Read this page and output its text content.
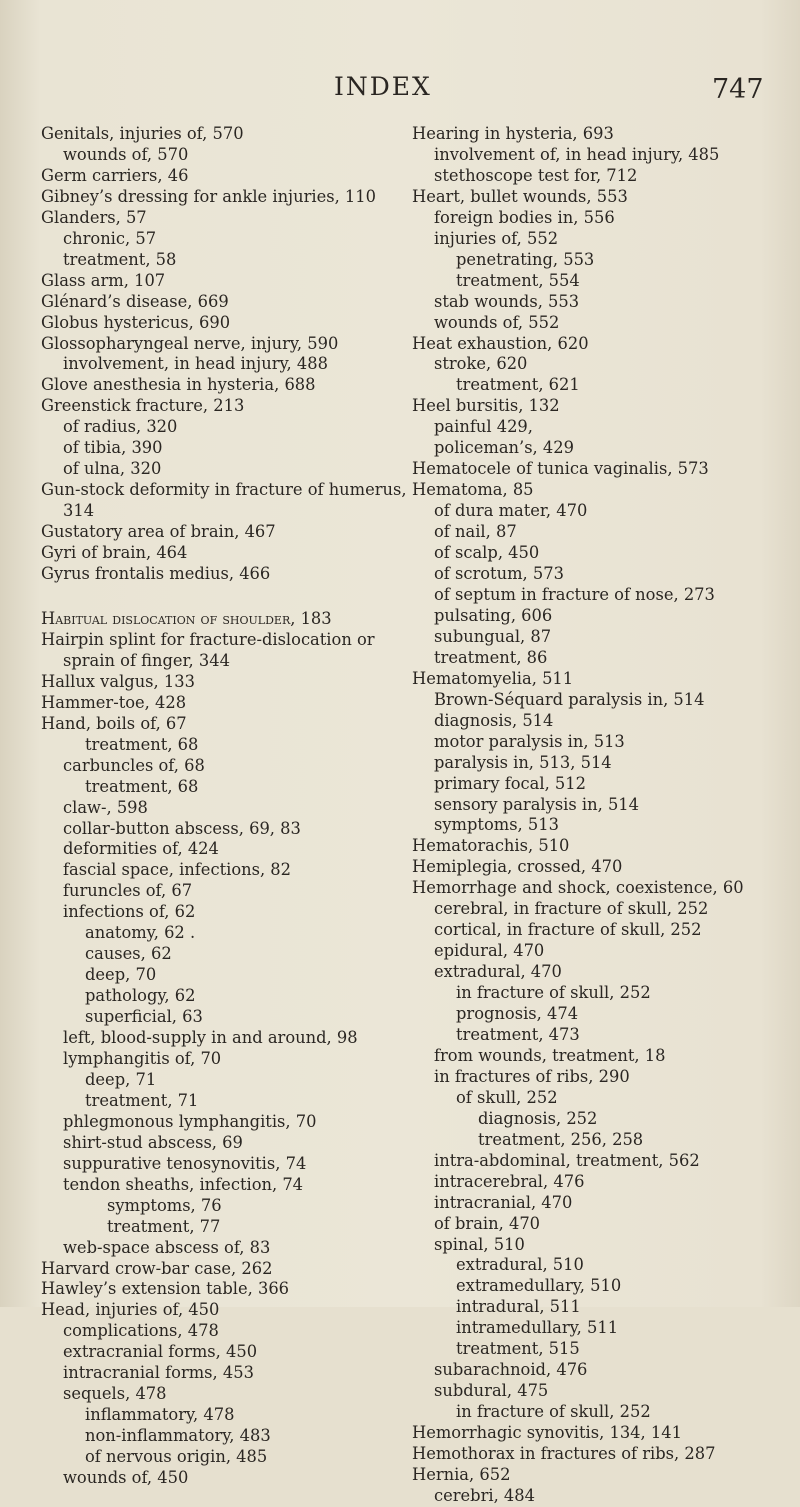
INDEX	747
Genitals, injuries of, 570
wounds of, 570
Germ carriers, 46
Gibney’s dressing for ankle injuries, 110
Glanders, 57
chronic, 57
treatment, 58
Glass arm, 107
Glénard’s disease, 669
Globus hystericus, 690
Glossopharyngeal nerve, injury, 590
involvement, in head injury, 488
Glove anesthesia in hysteria, 688
Greenstick fracture, 213
of radius, 320
of tibia, 390
of ulna, 320
Gun-stock deformity in fracture of humerus,
314
Gustatory area of brain, 467
Gyri of brain, 464
Gyrus frontalis medius, 466
Habitual dislocation of shoulder, 183
Hairpin splint for fracture-dislocation or
sprain of finger, 344
Hallux valgus, 133
Hammer-toe, 428
Hand, boils of, 67
treatment, 68
carbuncles of, 68
treatment, 68
claw-, 598
collar-button abscess, 69, 83
deformities of, 424
fascial space, infections, 82
furuncles of, 67
infections of, 62
anatomy, 62 .
causes, 62
deep, 70
pathology, 62
superficial, 63
left, blood-supply in and around, 98
lymphangitis of, 70
deep, 71
treatment, 71
phlegmonous lymphangitis, 70
shirt-stud abscess, 69
suppurative tenosynovitis, 74
tendon sheaths, infection, 74
symptoms, 76
treatment, 77
web-space abscess of, 83
Harvard crow-bar case, 262
Hawley’s extension table, 366
Head, injuries of, 450
complications, 478
extracranial forms, 450
intracranial forms, 453
sequels, 478
inflammatory, 478
non-inflammatory, 483
of nervous origin, 485
wounds of, 450
Hearing in hysteria, 693
involvement of, in head injury, 485
stethoscope test for, 712
Heart, bullet wounds, 553
foreign bodies in, 556
injuries of, 552
penetrating, 553
treatment, 554
stab wounds, 553
wounds of, 552
Heat exhaustion, 620
stroke, 620
treatment, 621
Heel bursitis, 132
painful 429,
policeman’s, 429
Hematocele of tunica vaginalis, 573
Hematoma, 85
of dura mater, 470
of nail, 87
of scalp, 450
of scrotum, 573
of septum in fracture of nose, 273
pulsating, 606
subungual, 87
treatment, 86
Hematomyelia, 511
Brown-Séquard paralysis in, 514
diagnosis, 514
motor paralysis in, 513
paralysis in, 513, 514
primary focal, 512
sensory paralysis in, 514
symptoms, 513
Hematorachis, 510
Hemiplegia, crossed, 470
Hemorrhage and shock, coexistence, 60
cerebral, in fracture of skull, 252
cortical, in fracture of skull, 252
epidural, 470
extradural, 470
in fracture of skull, 252
prognosis, 474
treatment, 473
from wounds, treatment, 18
in fractures of ribs, 290
of skull, 252
diagnosis, 252
treatment, 256, 258
intra-abdominal, treatment, 562
intracerebral, 476
intracranial, 470
of brain, 470
spinal, 510
extradural, 510
extramedullary, 510
intradural, 511
intramedullary, 511
treatment, 515
subarachnoid, 476
subdural, 475
in fracture of skull, 252
Hemorrhagic synovitis, 134, 141
Hemothorax in fractures of ribs, 287
Hernia, 652
cerebri, 484
